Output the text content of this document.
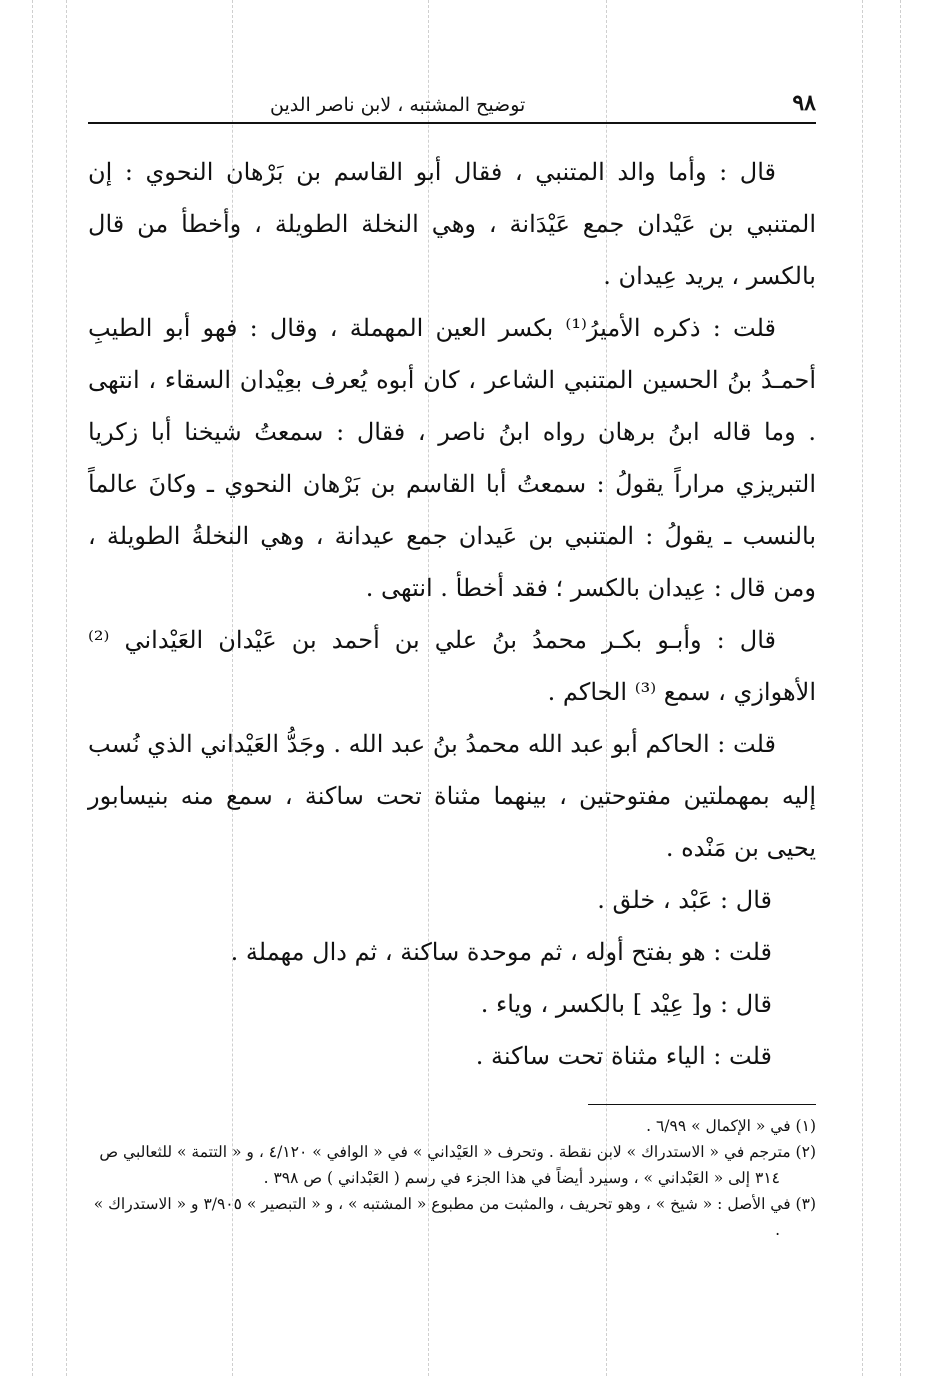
٩٨
توضيح المشتبه ، لابن ناصر الدين

قال : وأما والد المتنبي ، فقال أبو القاسم بن بَرْهان النحوي : إن المتنبي بن عَيْدان جمع عَيْدَانة ، وهي النخلة الطويلة ، وأخطأ من قال بالكسر ، يريد عِيدان .

قلت : ذكره الأميرُ⁽¹⁾ بكسر العين المهملة ، وقال : فهو أبو الطيبِ أحمـدُ بنُ الحسين المتنبي الشاعر ، كان أبوه يُعرف بعِيْدان السقاء ، انتهى . وما قاله ابنُ برهان رواه ابنُ ناصر ، فقال : سمعتُ شيخنا أبا زكريا التبريزي مراراً يقولُ : سمعتُ أبا القاسم بن بَرْهان النحوي ـ وكانَ عالماً بالنسب ـ يقولُ : المتنبي بن عَيدان جمع عيدانة ، وهي النخلةُ الطويلة ، ومن قال : عِيدان بالكسر ؛ فقد أخطأ . انتهى .

قال : وأبـو بكـر محمدُ بنُ علي بن أحمد بن عَيْدان العَيْداني ⁽²⁾ الأهوازي ، سمع ⁽³⁾ الحاكم .

قلت : الحاكم أبو عبد الله محمدُ بنُ عبد الله . وجَدُّ العَيْداني الذي نُسب إليه بمهملتين مفتوحتين ، بينهما مثناة تحت ساكنة ، سمع منه بنيسابور يحيى بن مَنْده .

قال : عَبْد ، خلق .

قلت : هو بفتح أوله ، ثم موحدة ساكنة ، ثم دال مهملة .

قال : و[ عِيْد ] بالكسر ، وياء .

قلت : الياء مثناة تحت ساكنة .

(١) في « الإكمال » ٦/٩٩ .

(٢) مترجم في « الاستدراك » لابن نقطة . وتحرف « العَيْداني » في « الوافي » ٤/١٢٠ ، و « التتمة » للثعالبي ص ٣١٤ إلى « العَبْداني » ، وسيرد أيضاً في هذا الجزء في رسم ( العَبْداني ) ص ٣٩٨ .

(٣) في الأصل : « شيخ » ، وهو تحريف ، والمثبت من مطبوع « المشتبه » ، و « التبصير » ٣/٩٠٥ و « الاستدراك » .
